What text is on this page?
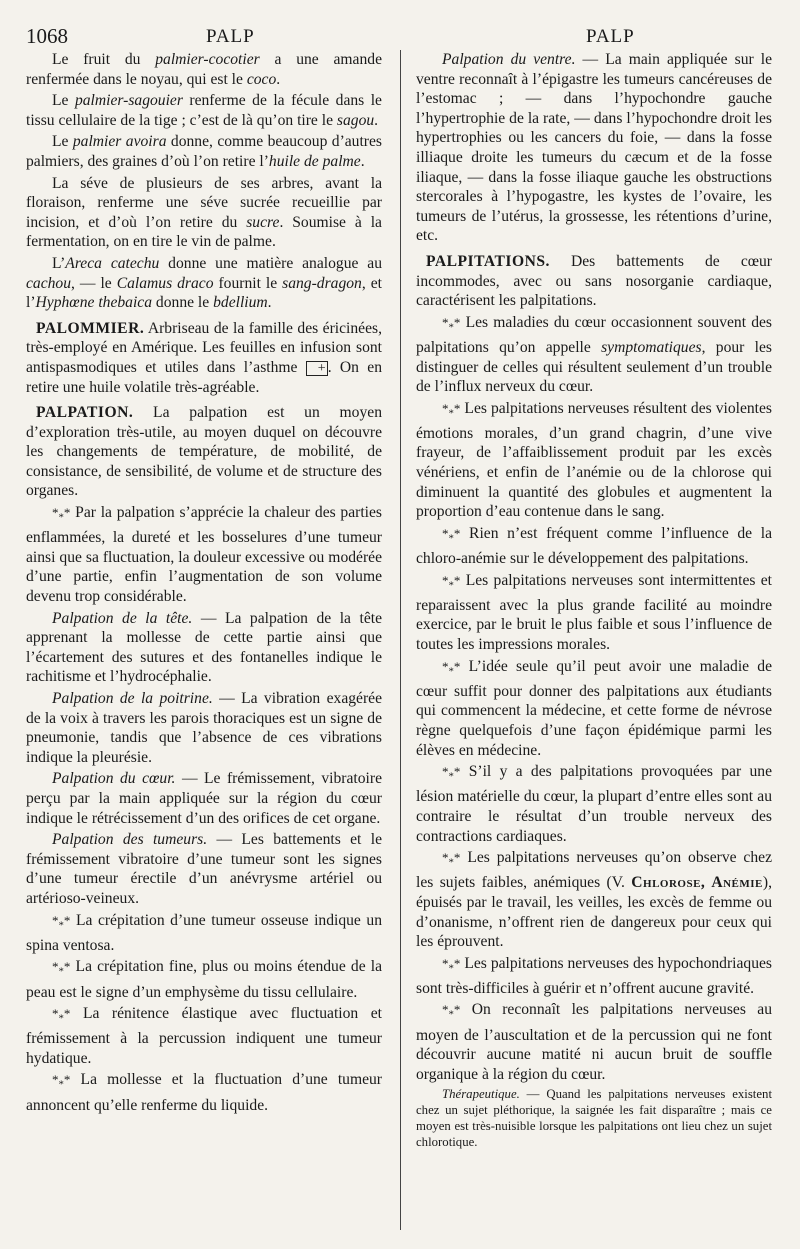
1068	PALP	PALP

Le fruit du palmier-cocotier a une amande renfermée dans le noyau, qui est le coco.

Le palmier-sagouier renferme de la fécule dans le tissu cellulaire de la tige ; c’est de là qu’on tire le sagou.

Le palmier avoira donne, comme beaucoup d’autres palmiers, des graines d’où l’on retire l’huile de palme.

La séve de plusieurs de ses arbres, avant la floraison, renferme une séve sucrée recueillie par incision, et d’où l’on retire du sucre. Soumise à la fermentation, on en tire le vin de palme.

L’Areca catechu donne une matière analogue au cachou, — le Calamus draco fournit le sang-dragon, et l’Hyphœne thebaica donne le bdellium.

PALOMMIER. Arbriseau de la famille des éricinées, très-employé en Amérique. Les feuilles en infusion sont antispasmodiques et utiles dans l’asthme + . On en retire une huile volatile très-agréable.

PALPATION. La palpation est un moyen d’exploration très-utile, au moyen duquel on découvre les changements de température, de mobilité, de consistance, de sensibilité, de volume et de structure des organes.

$*_**$ Par la palpation s’apprécie la chaleur des parties enflammées, la dureté et les bosselures d’une tumeur ainsi que sa fluctuation, la douleur excessive ou modérée d’une partie, enfin l’augmentation de son volume devenu trop considérable.

Palpation de la tête. — La palpation de la tête apprenant la mollesse de cette partie ainsi que l’écartement des sutures et des fontanelles indique le rachitisme et l’hydrocéphalie.

Palpation de la poitrine. — La vibration exagérée de la voix à travers les parois thoraciques est un signe de pneumonie, tandis que l’absence de ces vibrations indique la pleurésie.

Palpation du cœur. — Le frémissement, vibratoire perçu par la main appliquée sur la région du cœur indique le rétrécissement d’un des orifices de cet organe.

Palpation des tumeurs. — Les battements et le frémissement vibratoire d’une tumeur sont les signes d’une tumeur érectile d’un anévrysme artériel ou artérioso-veineux.

$*_**$ La crépitation d’une tumeur osseuse indique un spina ventosa.

$*_**$ La crépitation fine, plus ou moins étendue de la peau est le signe d’un emphysème du tissu cellulaire.

$*_**$ La rénitence élastique avec fluctuation et frémissement à la percussion indiquent une tumeur hydatique.

$*_**$ La mollesse et la fluctuation d’une tumeur annoncent qu’elle renferme du liquide.

Palpation du ventre. — La main appliquée sur le ventre reconnaît à l’épigastre les tumeurs cancéreuses de l’estomac ; — dans l’hypochondre gauche l’hypertrophie de la rate, — dans l’hypochondre droit les hypertrophies ou les cancers du foie, — dans la fosse illiaque droite les tumeurs du cæcum et de la fosse iliaque, — dans la fosse iliaque gauche les obstructions stercorales à l’hypogastre, les kystes de l’ovaire, les tumeurs de l’utérus, la grossesse, les rétentions d’urine, etc.

PALPITATIONS. Des battements de cœur incommodes, avec ou sans nosorganie cardiaque, caractérisent les palpitations.

$*_**$ Les maladies du cœur occasionnent souvent des palpitations qu’on appelle symptomatiques, pour les distinguer de celles qui résultent seulement d’un trouble de l’influx nerveux du cœur.

$*_**$ Les palpitations nerveuses résultent des violentes émotions morales, d’un grand chagrin, d’une vive frayeur, de l’affaiblissement produit par les excès vénériens, et enfin de l’anémie ou de la chlorose qui diminuent la quantité des globules et augmentent la proportion d’eau contenue dans le sang.

$*_**$ Rien n’est fréquent comme l’influence de la chloro-anémie sur le développement des palpitations.

$*_**$ Les palpitations nerveuses sont intermittentes et reparaissent avec la plus grande facilité au moindre exercice, par le bruit le plus faible et sous l’influence de toutes les impressions morales.

$*_**$ L’idée seule qu’il peut avoir une maladie de cœur suffit pour donner des palpitations aux étudiants qui commencent la médecine, et cette forme de névrose règne quelquefois d’une façon épidémique parmi les élèves en médecine.

$*_**$ S’il y a des palpitations provoquées par une lésion matérielle du cœur, la plupart d’entre elles sont au contraire le résultat d’un trouble nerveux des contractions cardiaques.

$*_**$ Les palpitations nerveuses qu’on observe chez les sujets faibles, anémiques (V. Chlorose, Anémie), épuisés par le travail, les veilles, les excès de femme ou d’onanisme, n’offrent rien de dangereux pour ceux qui les éprouvent.

$*_**$ Les palpitations nerveuses des hypochondriaques sont très-difficiles à guérir et n’offrent aucune gravité.

$*_**$ On reconnaît les palpitations nerveuses au moyen de l’auscultation et de la percussion qui ne font découvrir aucune matité ni aucun bruit de souffle organique à la région du cœur.

Thérapeutique. — Quand les palpitations nerveuses existent chez un sujet pléthorique, la saignée les fait disparaître ; mais ce moyen est très-nuisible lorsque les palpitations ont lieu chez un sujet chlorotique.
